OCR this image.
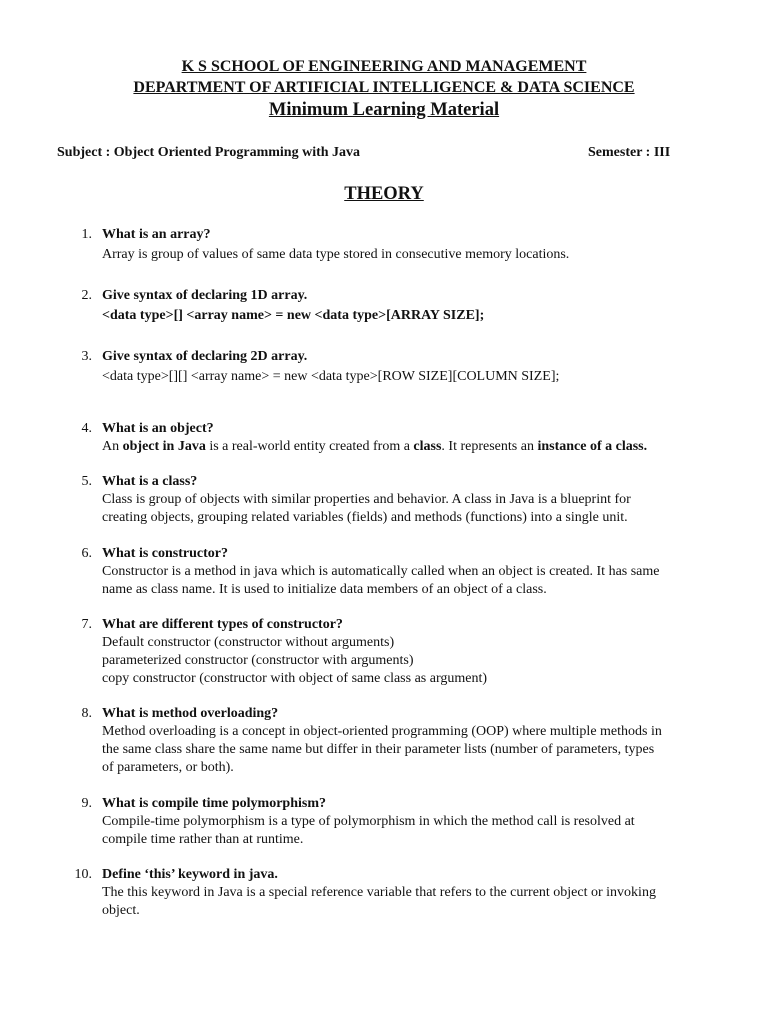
K S SCHOOL OF ENGINEERING AND MANAGEMENT
DEPARTMENT OF ARTIFICIAL INTELLIGENCE & DATA SCIENCE
Minimum Learning Material
Subject : Object Oriented Programming with Java	Semester : III
THEORY
1. What is an array?

Array is group of values of same data type stored in consecutive memory locations.

2. Give syntax of declaring 1D array.

<data type>[] <array name> = new <data type>[ARRAY SIZE];

3. Give syntax of declaring 2D array.

<data type>[][] <array name> = new <data type>[ROW SIZE][COLUMN SIZE];

4. What is an object?

An object in Java is a real-world entity created from a class. It represents an instance of a class.

5. What is a class?

Class is group of objects with similar properties and behavior. A class in Java is a blueprint for

creating objects, grouping related variables (fields) and methods (functions) into a single unit.

6. What is constructor?

Constructor is a method in java which is automatically called when an object is created. It has same

name as class name. It is used to initialize data members of an object of a class.

7. What are different types of constructor?

Default constructor (constructor without arguments)

parameterized constructor (constructor with arguments)

copy constructor (constructor with object of same class as argument)

8. What is method overloading?

Method overloading is a concept in object-oriented programming (OOP) where multiple methods in

the same class share the same name but differ in their parameter lists (number of parameters, types

of parameters, or both).

9. What is compile time polymorphism?

Compile-time polymorphism is a type of polymorphism in which the method call is resolved at

compile time rather than at runtime.

10. Define ‘this’ keyword in java.

The this keyword in Java is a special reference variable that refers to the current object or invoking

object.
